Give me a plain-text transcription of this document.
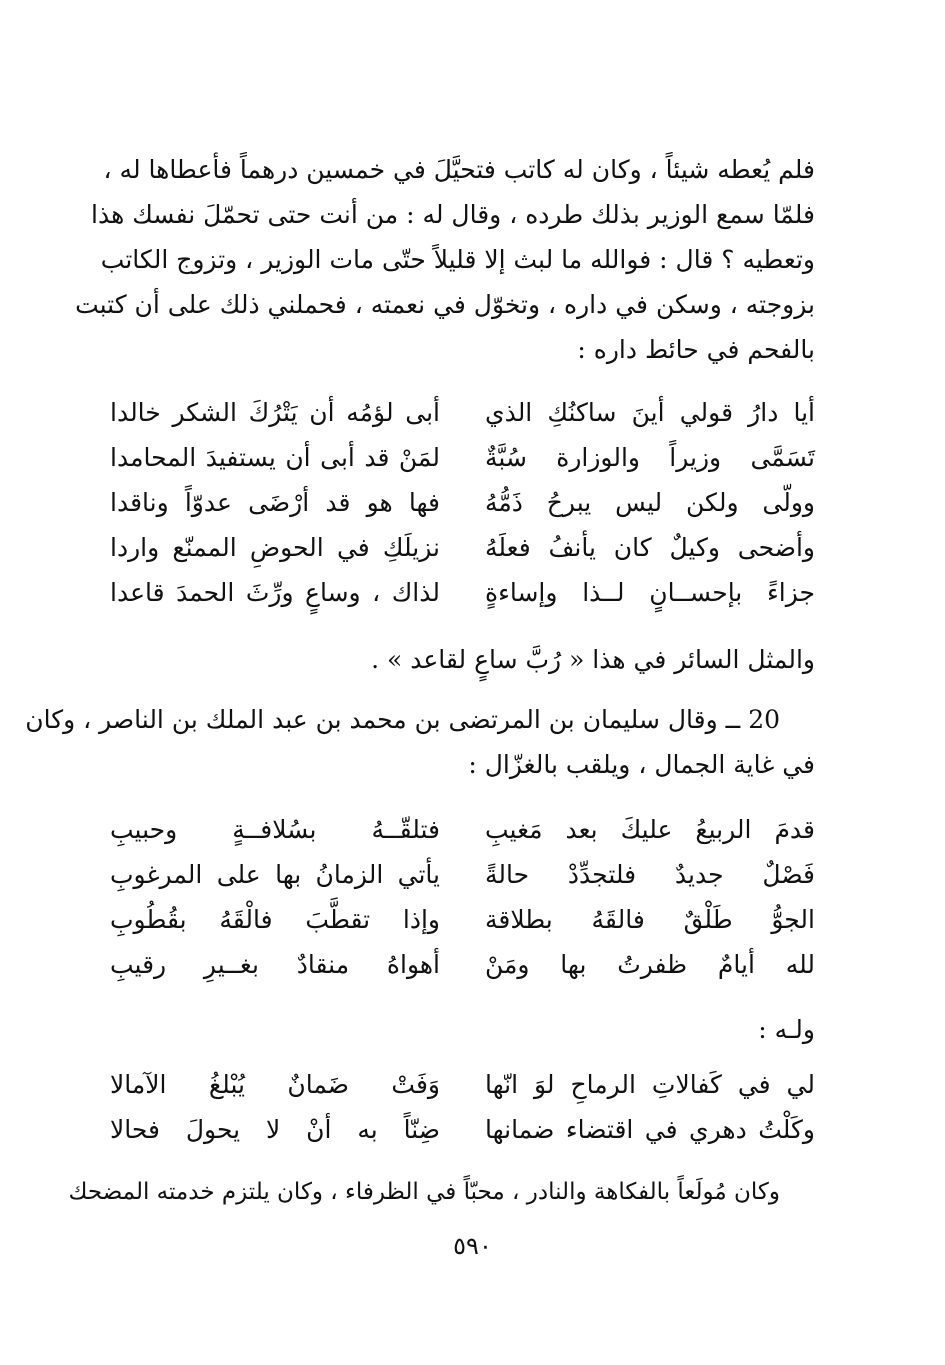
فلم يُعطه شيئاً ، وكان له كاتب فتحيَّلَ في خمسين درهماً فأعطاها له ،
فلمّا سمع الوزير بذلك طرده ، وقال له : من أنت حتى تحمّلَ نفسك هذا
وتعطيه ؟ قال : فوالله ما لبث إلا قليلاً حتّى مات الوزير ، وتزوج الكاتب
بزوجته ، وسكن في داره ، وتخوّل في نعمته ، فحملني ذلك على أن كتبت
بالفحم في حائط داره :
أيا دارُ قولي أينَ ساكنُكِ الذي
أبى لؤمُه أن يَتْرُكَ الشكر خالدا
تَسَمَّى وزيراً والوزارة سُبَّةٌ
لمَنْ قد أبى أن يستفيدَ المحامدا
وولّى ولكن ليس يبرحُ ذَمُّهُ
فها هو قد أرْضَى عدوّاً وناقدا
وأضحى وكيلٌ كان يأنفُ فعلَهُ
نزيلَكِ في الحوضِ الممنّع واردا
جزاءً بإحســانٍ لــذا وإساءةٍ
لذاك ، وساعٍ ورِّثَ الحمدَ قاعدا
والمثل السائر في هذا « رُبَّ ساعٍ لقاعد » .
20 ــ وقال سليمان بن المرتضى بن محمد بن عبد الملك بن الناصر ، وكان
في غاية الجمال ، ويلقب بالغزّال :
قدمَ الربيعُ عليكَ بعد مَغيبِ
فتلقّــهُ بسُلافــةٍ وحبيبِ
فَصْلٌ جديدٌ فلتجدِّدْ حالةً
يأتي الزمانُ بها على المرغوبِ
الجوُّ طَلْقٌ فالقَهُ بطلاقة
وإذا تقطَّبَ فالْقَهُ بقُطُوبِ
لله أيامٌ ظفرتُ بها ومَنْ
أهواهُ منقادٌ بغــيرِ رقيبِ
ولـه :
لي في كَفالاتِ الرماحِ لوَ انّها
وَفَتْ ضَمانٌ يُبْلغُ الآمالا
وكَلْتُ دهري في اقتضاء ضمانها
ضِنّاً به أنْ لا يحولَ فحالا
وكان مُولَعاً بالفكاهة والنادر ، محبّاً في الظرفاء ، وكان يلتزم خدمته المضحك
٥٩٠
